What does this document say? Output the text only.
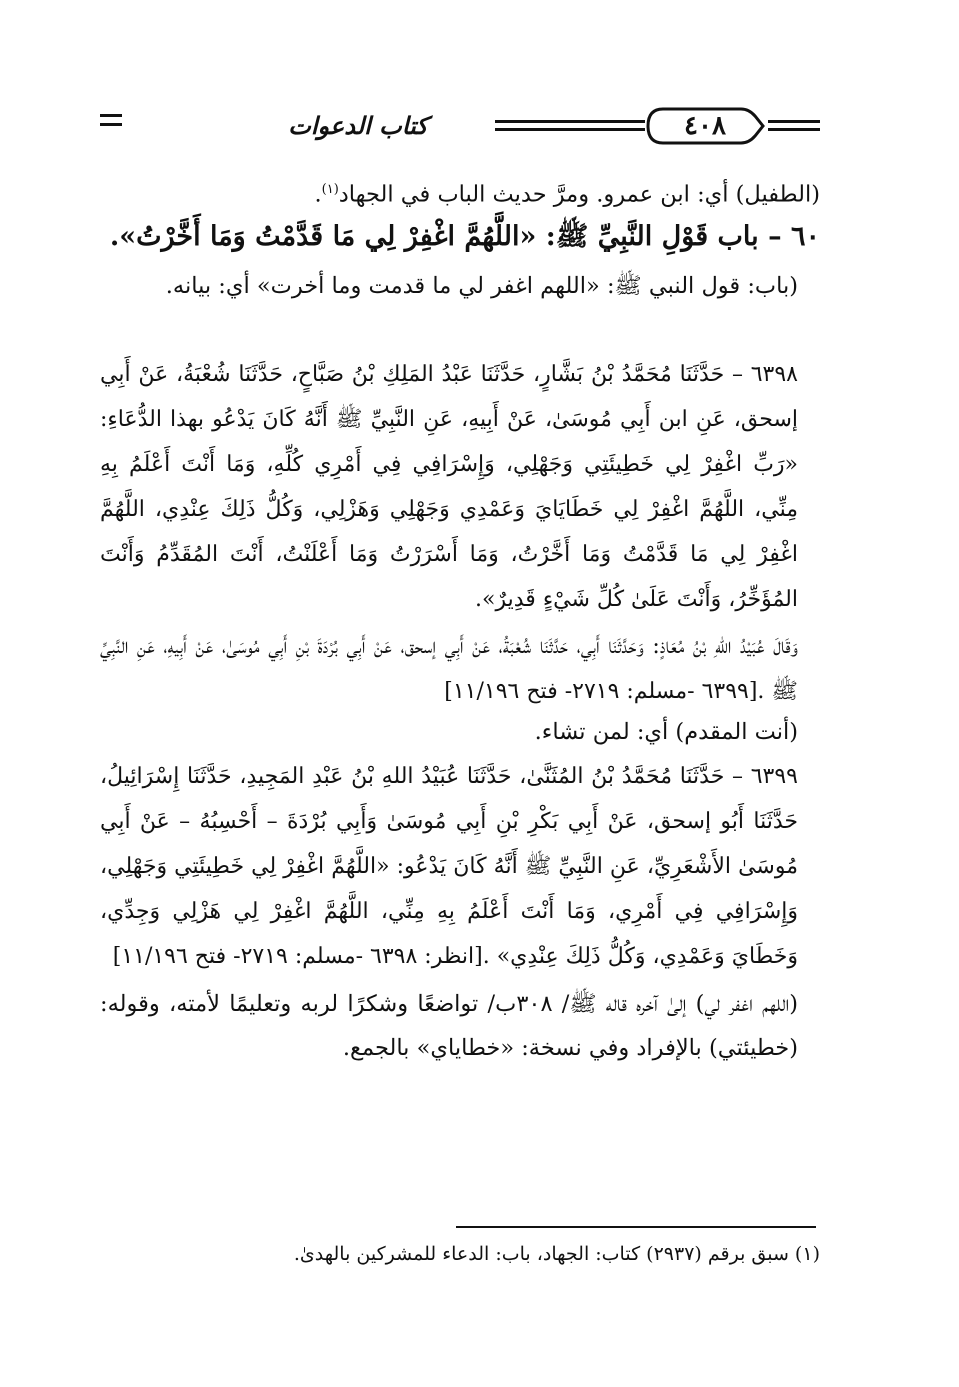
كتاب الدعوات	٤٠٨

(الطفيل) أي: ابن عمرو. ومرَّ حديث الباب في الجهاد$^{(١)}$.

٦٠ – باب قَوْلِ النَّبِيِّ ﷺ: «اللَّهُمَّ اغْفِرْ لِي مَا قَدَّمْتُ وَمَا أَخَّرْتُ».

(باب: قول النبي ﷺ: «اللهم اغفر لي ما قدمت وما أخرت» أي: بيانه.

٦٣٩٨ – حَدَّثَنَا مُحَمَّدُ بْنُ بَشَّارٍ، حَدَّثَنَا عَبْدُ المَلِكِ بْنُ صَبَّاحٍ، حَدَّثَنَا شُعْبَةُ، عَنْ أَبِي إسحق، عَنِ ابن أَبِي مُوسَىٰ، عَنْ أَبِيهِ، عَنِ النَّبِيِّ ﷺ أَنَّهُ كَانَ يَدْعُو بهذا الدُّعَاءِ: «رَبِّ اغْفِرْ لِي خَطِيئَتِي وَجَهْلِي، وَإِسْرَافِي فِي أَمْرِي كُلِّهِ، وَمَا أَنْتَ أَعْلَمُ بِهِ مِنِّي، اللَّهُمَّ اغْفِرْ لِي خَطَايَايَ وَعَمْدِي وَجَهْلِي وَهَزْلِي، وَكُلُّ ذَلِكَ عِنْدِي، اللَّهُمَّ اغْفِرْ لِي مَا قَدَّمْتُ وَمَا أَخَّرْتُ، وَمَا أَسْرَرْتُ وَمَا أَعْلَنْتُ، أَنْتَ المُقَدِّمُ وَأَنْتَ المُؤَخِّرُ، وَأَنْتَ عَلَىٰ كُلِّ شَيْءٍ قَدِيرٌ».

وَقَالَ عُبَيْدُ اللهِ بْنُ مُعَاذٍ: وَحَدَّثَنَا أَبِي، حَدَّثَنَا شُعْبَةُ، عَنْ أَبِي إسحق، عَنْ أَبِي بُرْدَةَ بْنِ أَبِي مُوسَىٰ، عَنْ أَبِيهِ، عَنِ النَّبِيِّ ﷺ .[٦٣٩٩ -مسلم: ٢٧١٩- فتح ١١/١٩٦]

(أنت المقدم) أي: لمن تشاء.

٦٣٩٩ – حَدَّثَنَا مُحَمَّدُ بْنُ المُثَنَّىٰ، حَدَّثَنَا عُبَيْدُ اللهِ بْنُ عَبْدِ المَجِيدِ، حَدَّثَنَا إِسْرَائِيلُ، حَدَّثَنَا أَبُو إسحق، عَنْ أَبِي بَكْرِ بْنِ أَبِي مُوسَىٰ وَأَبِي بُرْدَةَ – أَحْسِبُهُ – عَنْ أَبِي مُوسَىٰ الأَشْعَرِيِّ، عَنِ النَّبِيِّ ﷺ أَنَّهُ كَانَ يَدْعُو: «اللَّهُمَّ اغْفِرْ لِي خَطِيئَتِي وَجَهْلِي، وَإِسْرَافِي فِي أَمْرِي، وَمَا أَنْتَ أَعْلَمُ بِهِ مِنِّي، اللَّهُمَّ اغْفِرْ لِي هَزْلِي وَجِدِّي، وَخَطَايَ وَعَمْدِي، وَكُلُّ ذَلِكَ عِنْدِي» .[انظر: ٦٣٩٨ -مسلم: ٢٧١٩- فتح ١١/١٩٦]

(اللهم اغفر لي) إلىٰ آخره قاله ﷺ/ ٣٠٨ب/ تواضعًا وشكرًا لربه وتعليمًا لأمته، وقوله: (خطيئتي) بالإفراد وفي نسخة: «خطاياي» بالجمع.

(١) سبق برقم (٢٩٣٧) كتاب: الجهاد، باب: الدعاء للمشركين بالهدىٰ.
